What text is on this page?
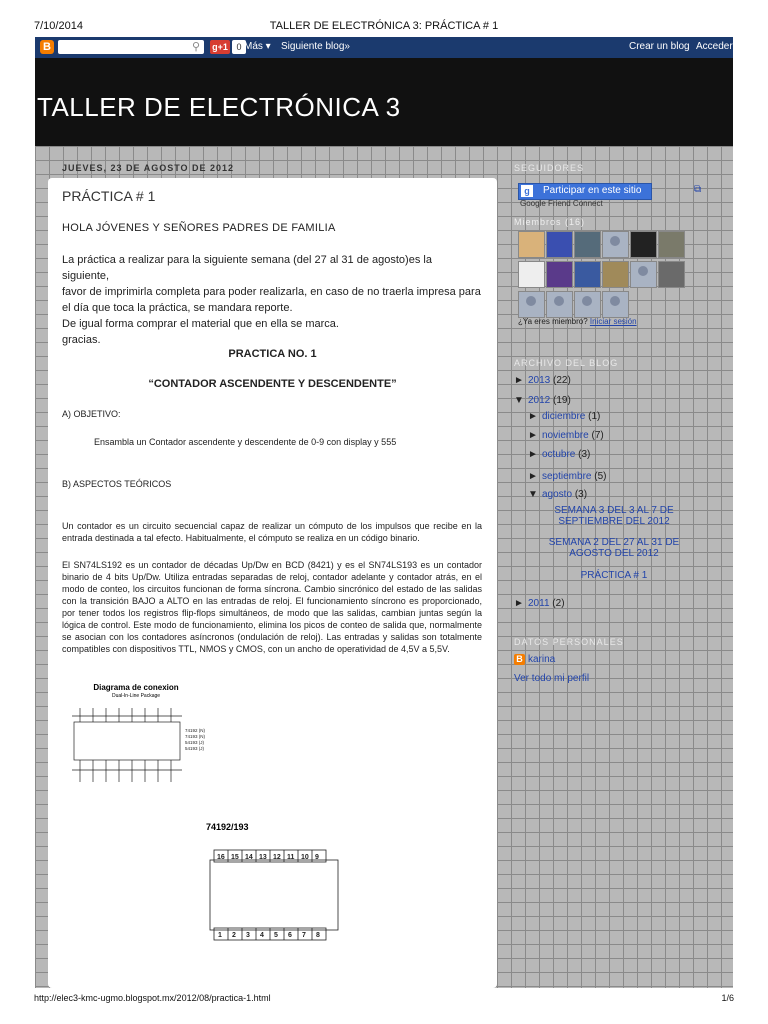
7/10/2014	TALLER DE ELECTRÓNICA 3: PRÁCTICA # 1
B	⚲ g+1 0 Más ▾ Siguiente blog»	Crear un blog Acceder
TALLER DE ELECTRÓNICA 3
JUEVES, 23 DE AGOSTO DE 2012
PRÁCTICA # 1
HOLA JÓVENES Y SEÑORES PADRES DE FAMILIA
La práctica a realizar para la siguiente semana (del 27 al 31 de agosto)es la siguiente,
favor de imprimirla completa para poder realizarla, en caso de no traerla impresa para
el día que toca la práctica, se mandara reporte.
De igual forma comprar el material que en ella se marca.
gracias.
PRACTICA NO. 1
“CONTADOR ASCENDENTE Y DESCENDENTE”
A) OBJETIVO:
Ensambla un Contador ascendente y descendente de 0-9 con display y 555
B) ASPECTOS TEÓRICOS
Un contador es un circuito secuencial capaz de realizar un cómputo de los impulsos que recibe en la entrada destinada a tal efecto. Habitualmente, el cómputo se realiza en un código binario.
El SN74LS192 es un contador de décadas Up/Dw en BCD (8421) y es el SN74LS193 es un contador binario de 4 bits Up/Dw. Utiliza entradas separadas de reloj, contador adelante y contador atrás, en el modo de conteo, los circuitos funcionan de forma síncrona. Cambio sincrónico del estado de las salidas con la transición BAJO a ALTO en las entradas de reloj. El funcionamiento síncrono es proporcionado, por tener todos los registros flip-flops simultáneos, de modo que las salidas, cambian juntas según la lógica de control. Este modo de funcionamiento, elimina los picos de conteo de salida que, normalmente se asocian con los contadores asíncronos (ondulación de reloj). Las entradas y salidas son totalmente compatibles con dispositivos TTL, NMOS y CMOS, con un ancho de operatividad de 4,5V a 5,5V.
Diagrama de conexion
Dual-In-Line Package
74192 (N)
74193 (N)
54193 (J)
54193 (J)
74192/193
16 15 14 13 12 11 10 9
1 2 3 4 5 6 7 8
SEGUIDORES
g	Participar en este sitio	⧉
Google Friend Connect
Miembros (16)
¿Ya eres miembro? Iniciar sesión
ARCHIVO DEL BLOG
► 2013 (22)
▼ 2012 (19)
► diciembre (1)
► noviembre (7)
► octubre (3)
► septiembre (5)
▼ agosto (3)
SEMANA 3 DEL 3 AL 7 DE SEPTIEMBRE DEL 2012
SEMANA 2 DEL 27 AL 31 DE AGOSTO DEL 2012
PRÁCTICA # 1
► 2011 (2)
DATOS PERSONALES
B karina
Ver todo mi perfil
http://elec3-kmc-ugmo.blogspot.mx/2012/08/practica-1.html	1/6
